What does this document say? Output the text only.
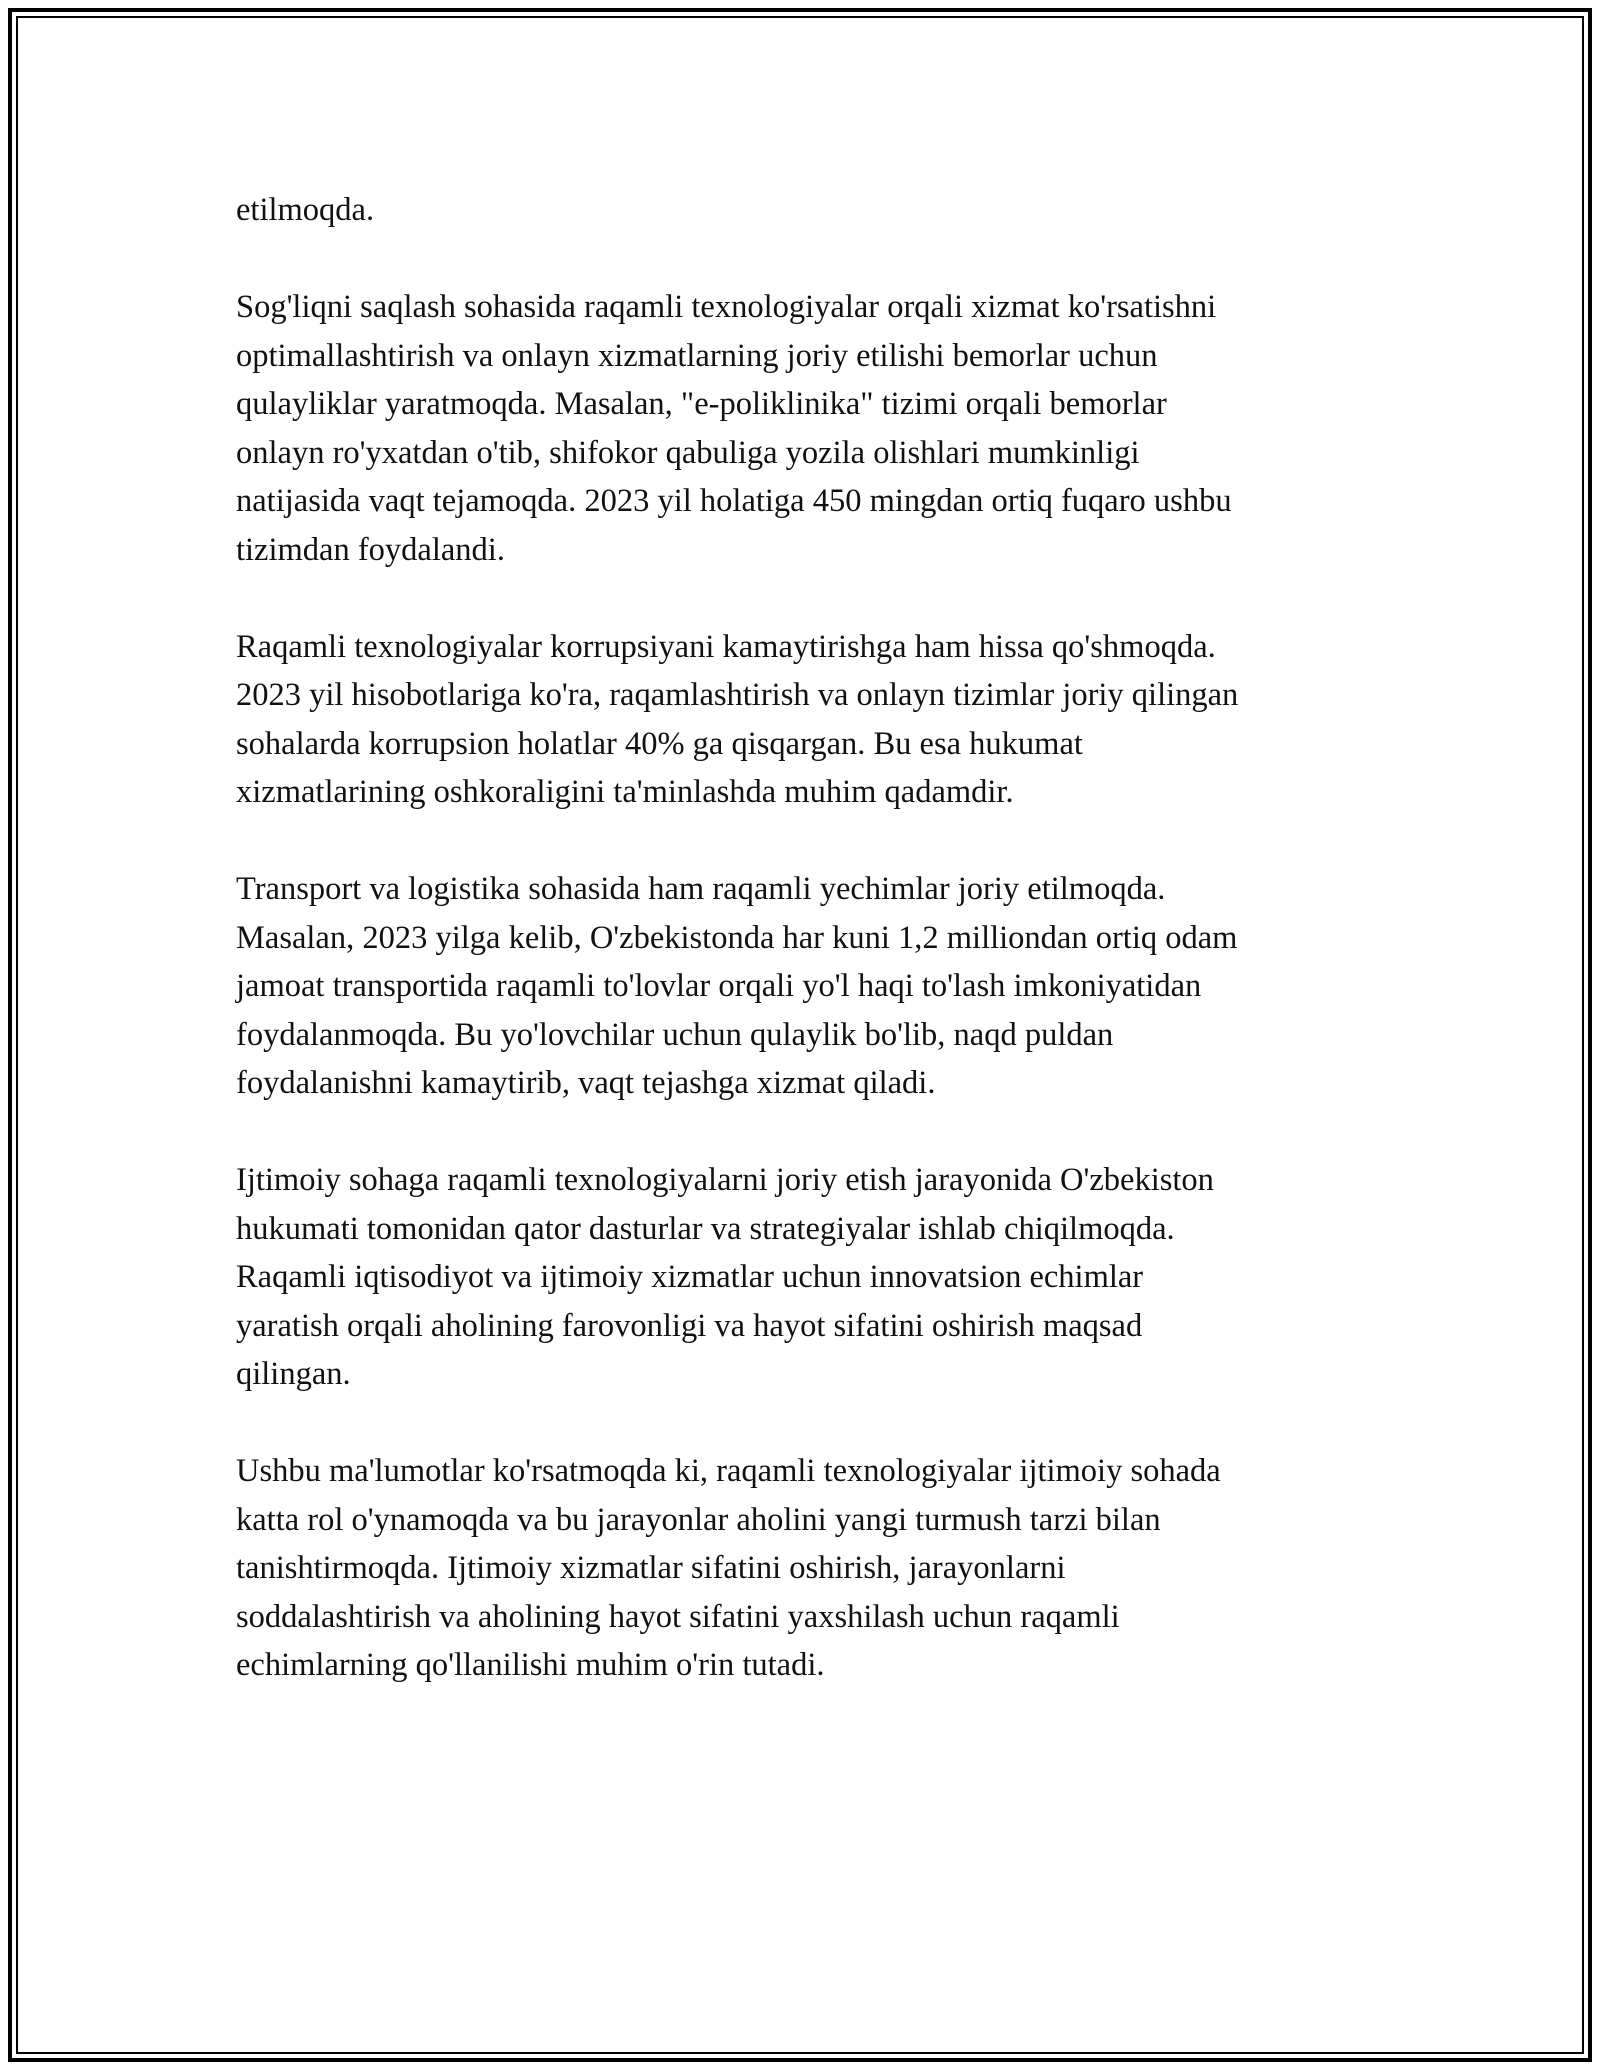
etilmoqda.

Sog'liqni saqlash sohasida raqamli texnologiyalar orqali xizmat ko'rsatishni
optimallashtirish va onlayn xizmatlarning joriy etilishi bemorlar uchun
qulayliklar yaratmoqda. Masalan, "e-poliklinika" tizimi orqali bemorlar
onlayn ro'yxatdan o'tib, shifokor qabuliga yozila olishlari mumkinligi
natijasida vaqt tejamoqda. 2023 yil holatiga 450 mingdan ortiq fuqaro ushbu
tizimdan foydalandi.

Raqamli texnologiyalar korrupsiyani kamaytirishga ham hissa qo'shmoqda.
2023 yil hisobotlariga ko'ra, raqamlashtirish va onlayn tizimlar joriy qilingan
sohalarda korrupsion holatlar 40% ga qisqargan. Bu esa hukumat
xizmatlarining oshkoraligini ta'minlashda muhim qadamdir.

Transport va logistika sohasida ham raqamli yechimlar joriy etilmoqda.
Masalan, 2023 yilga kelib, O'zbekistonda har kuni 1,2 milliondan ortiq odam
jamoat transportida raqamli to'lovlar orqali yo'l haqi to'lash imkoniyatidan
foydalanmoqda. Bu yo'lovchilar uchun qulaylik bo'lib, naqd puldan
foydalanishni kamaytirib, vaqt tejashga xizmat qiladi.

Ijtimoiy sohaga raqamli texnologiyalarni joriy etish jarayonida O'zbekiston
hukumati tomonidan qator dasturlar va strategiyalar ishlab chiqilmoqda.
Raqamli iqtisodiyot va ijtimoiy xizmatlar uchun innovatsion echimlar
yaratish orqali aholining farovonligi va hayot sifatini oshirish maqsad
qilingan.

Ushbu ma'lumotlar ko'rsatmoqda ki, raqamli texnologiyalar ijtimoiy sohada
katta rol o'ynamoqda va bu jarayonlar aholini yangi turmush tarzi bilan
tanishtirmoqda. Ijtimoiy xizmatlar sifatini oshirish, jarayonlarni
soddalashtirish va aholining hayot sifatini yaxshilash uchun raqamli
echimlarning qo'llanilishi muhim o'rin tutadi.
